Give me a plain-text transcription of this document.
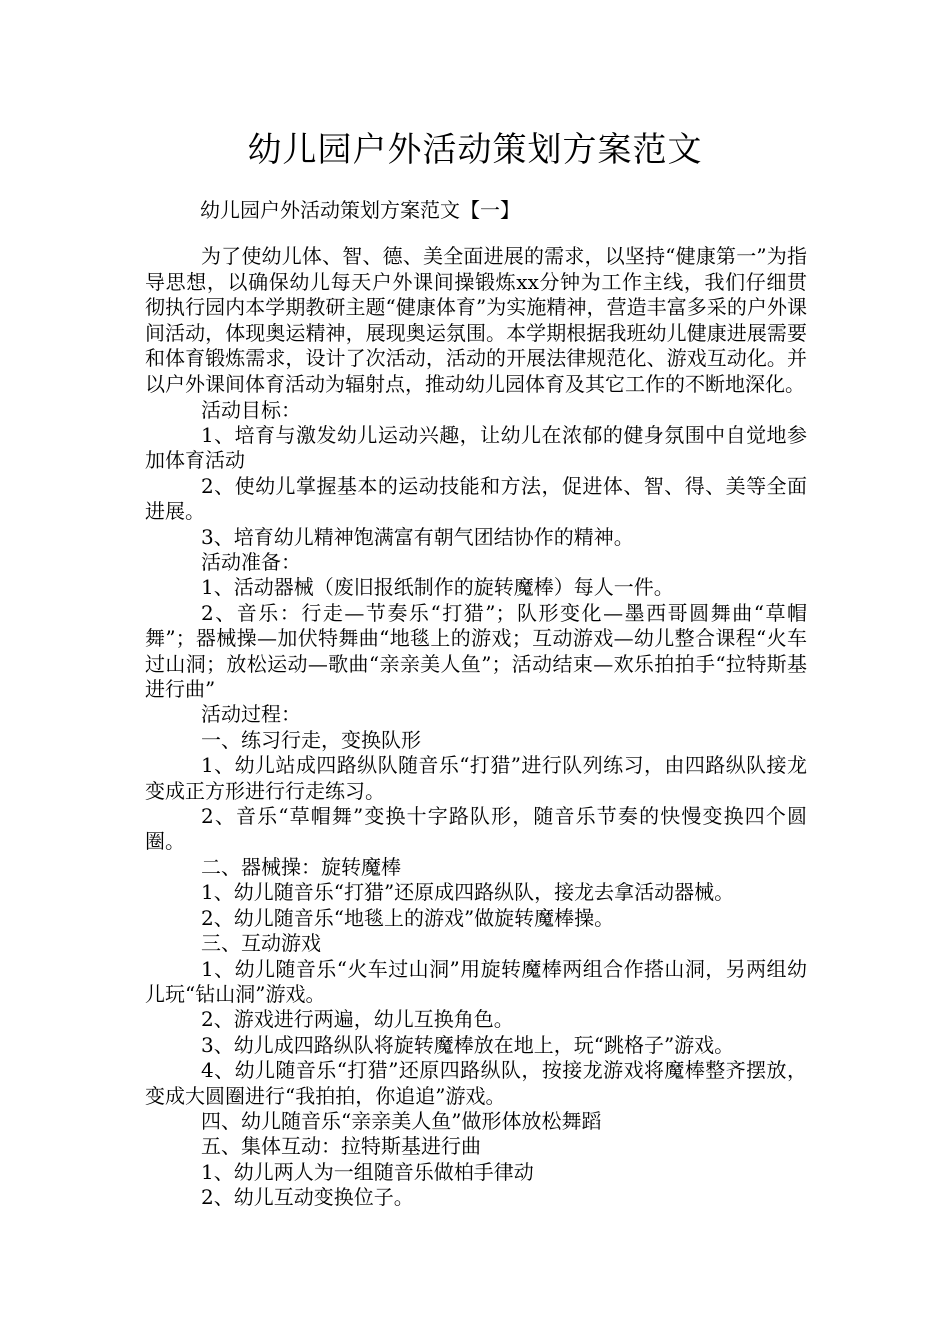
幼儿园户外活动策划方案范文
幼儿园户外活动策划方案范文【一】

为了使幼儿体、智、德、美全面进展的需求，以坚持“健康第一”为指导思想，以确保幼儿每天户外课间操锻炼xx分钟为工作主线，我们仔细贯彻执行园内本学期教研主题“健康体育”为实施精神，营造丰富多采的户外课间活动，体现奥运精神，展现奥运氛围。本学期根据我班幼儿健康进展需要和体育锻炼需求，设计了次活动，活动的开展法律规范化、游戏互动化。并以户外课间体育活动为辐射点，推动幼儿园体育及其它工作的不断地深化。

活动目标：

1、培育与激发幼儿运动兴趣，让幼儿在浓郁的健身氛围中自觉地参加体育活动

2、使幼儿掌握基本的运动技能和方法，促进体、智、得、美等全面进展。

3、培育幼儿精神饱满富有朝气团结协作的精神。

活动准备：

1、活动器械（废旧报纸制作的旋转魔棒）每人一件。

2、音乐：行走—节奏乐“打猎”；队形变化—墨西哥圆舞曲“草帽舞”；器械操—加伏特舞曲“地毯上的游戏；互动游戏—幼儿整合课程“火车过山洞；放松运动—歌曲“亲亲美人鱼”；活动结束—欢乐拍拍手“拉特斯基进行曲”

活动过程：

一、练习行走，变换队形

1、幼儿站成四路纵队随音乐“打猎”进行队列练习，由四路纵队接龙变成正方形进行行走练习。

2、音乐“草帽舞”变换十字路队形，随音乐节奏的快慢变换四个圆圈。

二、器械操：旋转魔棒

1、幼儿随音乐“打猎”还原成四路纵队，接龙去拿活动器械。

2、幼儿随音乐“地毯上的游戏”做旋转魔棒操。

三、互动游戏

1、幼儿随音乐“火车过山洞”用旋转魔棒两组合作搭山洞，另两组幼儿玩“钻山洞”游戏。

2、游戏进行两遍，幼儿互换角色。

3、幼儿成四路纵队将旋转魔棒放在地上，玩“跳格子”游戏。

4、幼儿随音乐“打猎”还原四路纵队，按接龙游戏将魔棒整齐摆放，变成大圆圈进行“我拍拍，你追追”游戏。

四、幼儿随音乐“亲亲美人鱼”做形体放松舞蹈

五、集体互动：拉特斯基进行曲

1、幼儿两人为一组随音乐做柏手律动

2、幼儿互动变换位子。
